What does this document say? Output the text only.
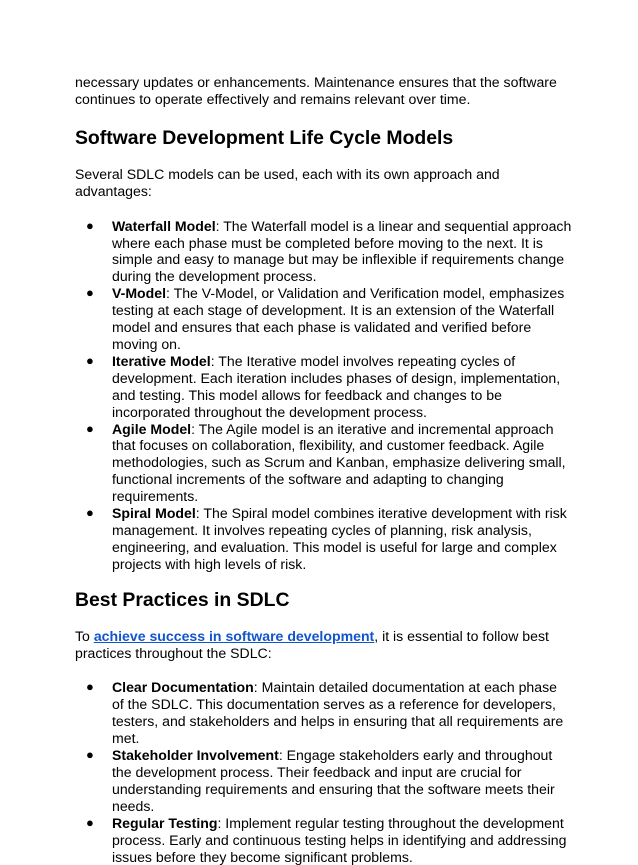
necessary updates or enhancements. Maintenance ensures that the software continues to operate effectively and remains relevant over time.

Software Development Life Cycle Models

Several SDLC models can be used, each with its own approach and advantages:

● Waterfall Model: The Waterfall model is a linear and sequential approach where each phase must be completed before moving to the next. It is simple and easy to manage but may be inflexible if requirements change during the development process.
● V-Model: The V-Model, or Validation and Verification model, emphasizes testing at each stage of development. It is an extension of the Waterfall model and ensures that each phase is validated and verified before moving on.
● Iterative Model: The Iterative model involves repeating cycles of development. Each iteration includes phases of design, implementation, and testing. This model allows for feedback and changes to be incorporated throughout the development process.
● Agile Model: The Agile model is an iterative and incremental approach that focuses on collaboration, flexibility, and customer feedback. Agile methodologies, such as Scrum and Kanban, emphasize delivering small, functional increments of the software and adapting to changing requirements.
● Spiral Model: The Spiral model combines iterative development with risk management. It involves repeating cycles of planning, risk analysis, engineering, and evaluation. This model is useful for large and complex projects with high levels of risk.
Best Practices in SDLC

To achieve success in software development, it is essential to follow best practices throughout the SDLC:

● Clear Documentation: Maintain detailed documentation at each phase of the SDLC. This documentation serves as a reference for developers, testers, and stakeholders and helps in ensuring that all requirements are met.
● Stakeholder Involvement: Engage stakeholders early and throughout the development process. Their feedback and input are crucial for understanding requirements and ensuring that the software meets their needs.
● Regular Testing: Implement regular testing throughout the development process. Early and continuous testing helps in identifying and addressing issues before they become significant problems.
